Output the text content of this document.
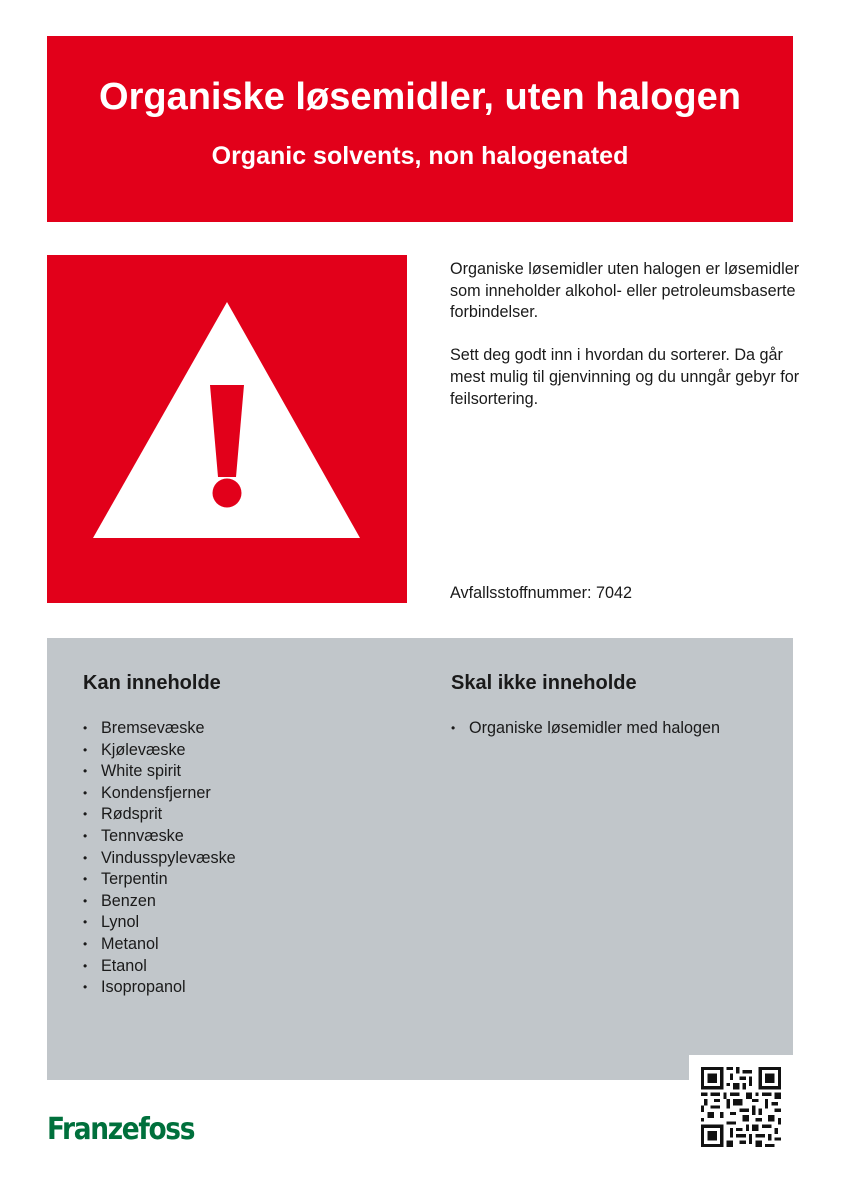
Organiske løsemidler, uten halogen
Organic solvents, non halogenated

Organiske løsemidler uten halogen er løsemidler som inneholder alkohol- eller petroleumsbaserte forbindelser.

Sett deg godt inn i hvordan du sorterer. Da går mest mulig til gjenvinning og du unngår gebyr for feilsortering.

Avfallsstoffnummer: 7042
Kan inneholde
• Bremsevæske
• Kjølevæske
• White spirit
• Kondensfjerner
• Rødsprit
• Tennvæske
• Vindusspylevæske
• Terpentin
• Benzen
• Lynol
• Metanol
• Etanol
• Isopropanol
Skal ikke inneholde
• Organiske løsemidler med halogen
Franzefoss
